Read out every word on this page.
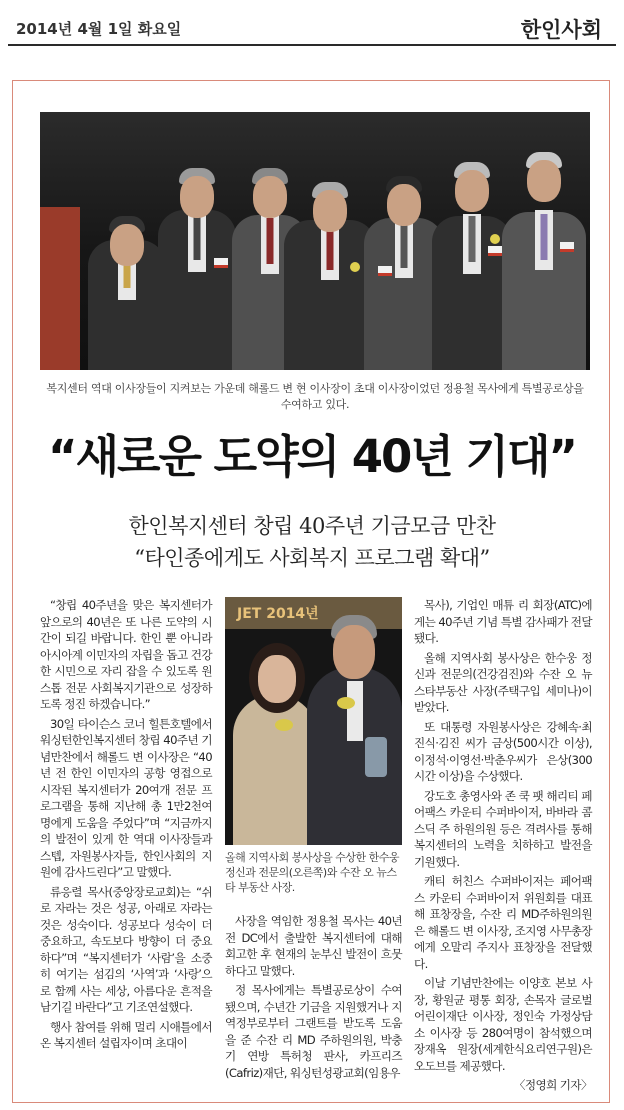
2014년 4월 1일 화요일	한인사회
복지센터 역대 이사장들이 지켜보는 가운데 해롤드 변 현 이사장이 초대 이사장이었던 정용철 목사에게 특별공로상을 수여하고 있다.
“새로운 도약의 40년 기대”
한인복지센터 창립 40주년 기금모금 만찬
“타인종에게도 사회복지 프로그램 확대”

“창립 40주년을 맞은 복지센터가 앞으로의 40년은 또 나른 도약의 시간이 되길 바랍니다. 한인 뿐 아니라 아시아계 이민자의 자립을 돕고 건강한 시민으로 자리 잡을 수 있도록 원스톱 전문 사회복지기관으로 성장하도록 정진 하겠습니다.”

30일 타이슨스 코너 힐튼호텔에서 워싱턴한인복지센터 창립 40주년 기념만찬에서 해롤드 변 이사장은 “40년 전 한인 이민자의 공항 영접으로 시작된 복지센터가 20여개 전문 프로그램을 통해 지난해 총 1만2천여 명에게 도움을 주었다”며 “지금까지의 발전이 있게 한 역대 이사장들과 스텝, 자원봉사자들, 한인사회의 지원에 감사드린다”고 말했다.

류응렬 목사(중앙장로교회)는 “쉬로 자라는 것은 성공, 아래로 자라는 것은 성숙이다. 성공보다 성숙이 더 중요하고, 속도보다 방향이 더 중요하다”며 “복지센터가 ‘사람’을 소중히 여기는 섬김의 ‘사역’과 ‘사랑’으로 함께 사는 세상, 아름다운 흔적을 남기길 바란다”고 기조연설했다.

행사 참여를 위해 멀리 시애틀에서 온 복지센터 설립자이며 초대이

JET 2014년
올해 지역사회 봉사상을 수상한 한수웅 정신과 전문의(오른쪽)와 수잔 오 뉴스타 부동산 사장.

사장을 역임한 정용철 목사는 40년 전 DC에서 출발한 복지센터에 대해 회고한 후 현재의 눈부신 발전이 흐뭇하다고 말했다.

정 목사에게는 특별공로상이 수여됐으며, 수년간 기금을 지원했거나 지역정부로부터 그랜트를 받도록 도움을 준 수잔 리 MD 주하원의원, 박충기 연방 특허청 판사, 카프리즈(Cafriz)재단, 워싱턴성광교회(임용우

목사), 기업인 매튜 리 회장(ATC)에게는 40주년 기념 특별 감사패가 전달됐다.

올해 지역사회 봉사상은 한수웅 정신과 전문의(건강검진)와 수잔 오 뉴스타부동산 사장(주택구입 세미나)이 받았다.

또 대통령 자원봉사상은 강혜속·최진식·김진 씨가 금상(500시간 이상), 이정석·이영선·박춘우씨가 은상(300시간 이상)을 수상했다.

강도호 총영사와 존 쿡 팻 해리티 페어팩스 카운티 수퍼바이저, 바바라 콤스딕 주 하원의원 등은 격려사를 통해 복지센터의 노력을 치하하고 발전을 기원했다.

캐티 허친스 수퍼바이저는 페어팩스 카운티 수퍼바이저 위원회를 대표해 표창장을, 수잔 리 MD주하원의원은 해롤드 변 이사장, 조지영 사무총장에게 오말리 주지사 표창장을 전달했다.

이날 기념만찬에는 이양호 본보 사장, 황원균 평통 회장, 손목자 글로벌 어린이재단 이사장, 정인숙 가정상담소 이사장 등 280여명이 참석했으며 장재옥 원장(세계한식요리연구원)은 오도브를 제공했다.

〈정영희 기자〉
